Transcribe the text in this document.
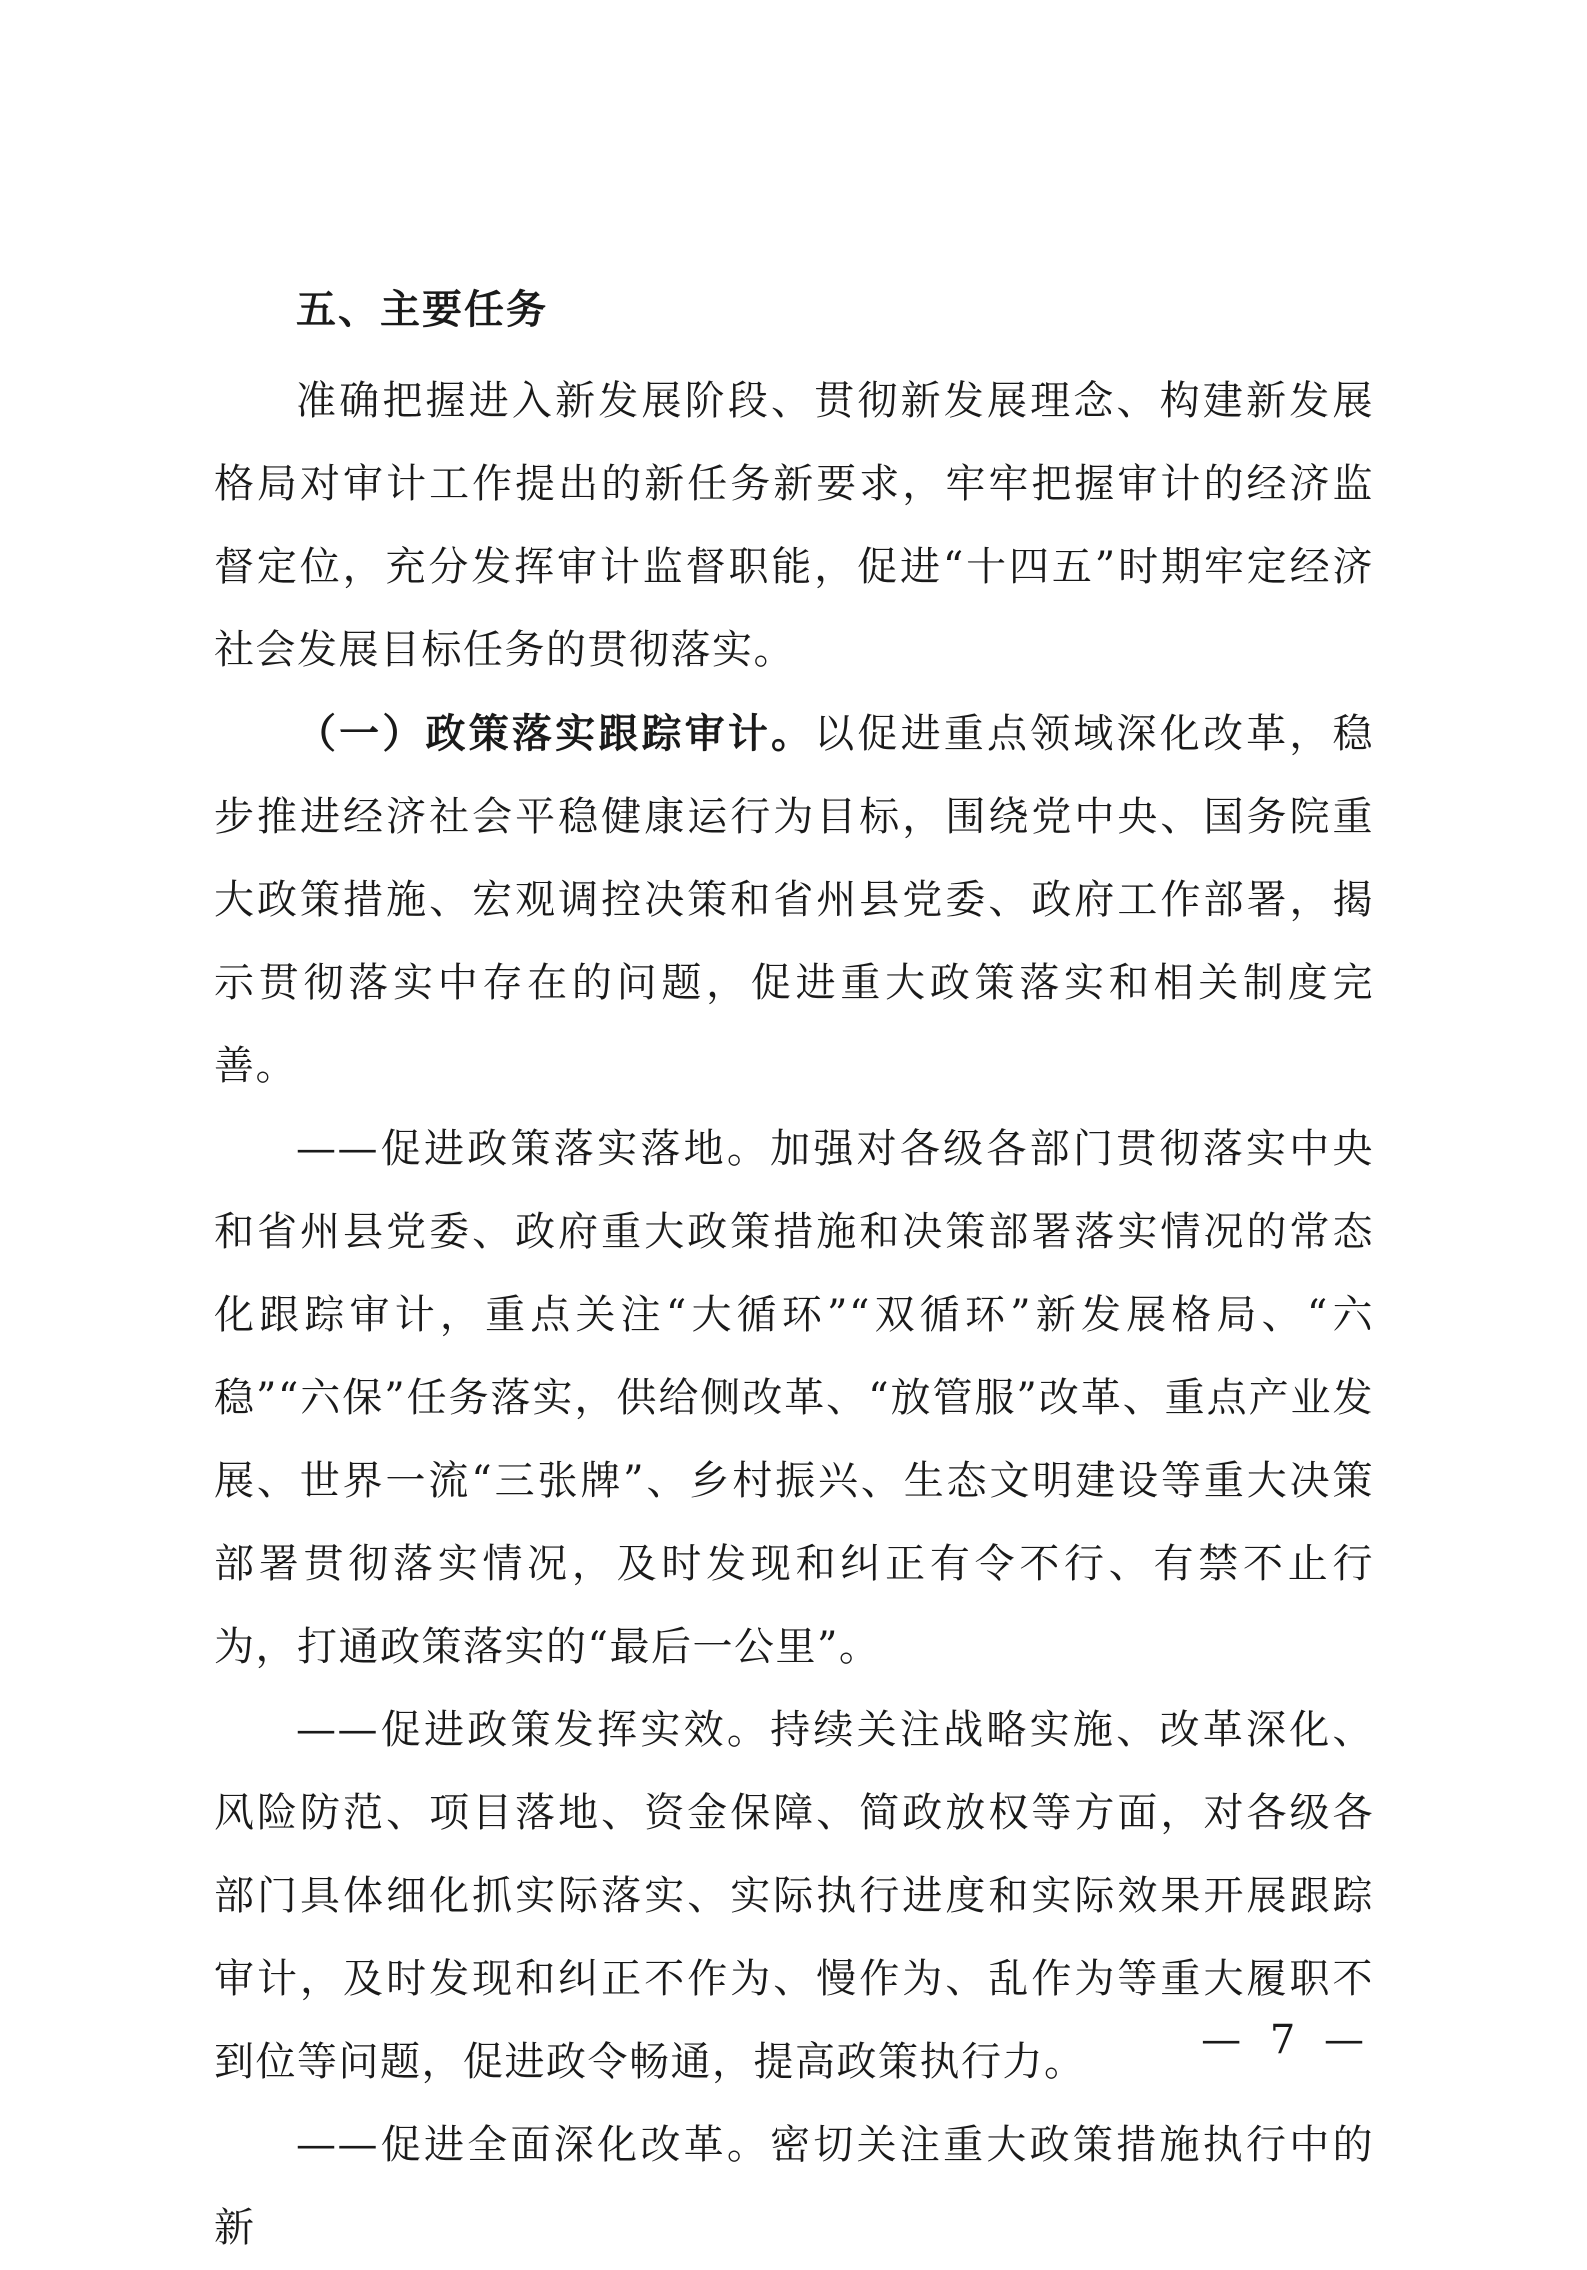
五、主要任务

准确把握进入新发展阶段、贯彻新发展理念、构建新发展格局对审计工作提出的新任务新要求，牢牢把握审计的经济监督定位，充分发挥审计监督职能，促进“十四五”时期牢定经济社会发展目标任务的贯彻落实。

（一）政策落实跟踪审计。以促进重点领域深化改革，稳步推进经济社会平稳健康运行为目标，围绕党中央、国务院重大政策措施、宏观调控决策和省州县党委、政府工作部署，揭示贯彻落实中存在的问题，促进重大政策落实和相关制度完善。

——促进政策落实落地。加强对各级各部门贯彻落实中央和省州县党委、政府重大政策措施和决策部署落实情况的常态化跟踪审计，重点关注“大循环”“双循环”新发展格局、“六稳”“六保”任务落实，供给侧改革、“放管服”改革、重点产业发展、世界一流“三张牌”、乡村振兴、生态文明建设等重大决策部署贯彻落实情况，及时发现和纠正有令不行、有禁不止行为，打通政策落实的“最后一公里”。

——促进政策发挥实效。持续关注战略实施、改革深化、风险防范、项目落地、资金保障、简政放权等方面，对各级各部门具体细化抓实际落实、实际执行进度和实际效果开展跟踪审计，及时发现和纠正不作为、慢作为、乱作为等重大履职不到位等问题，促进政令畅通，提高政策执行力。

——促进全面深化改革。密切关注重大政策措施执行中的新

— 7 —
